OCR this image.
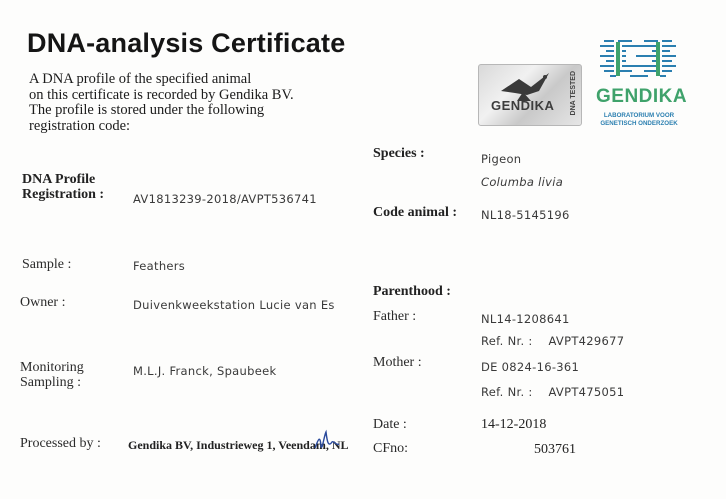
DNA-analysis Certificate
A DNA profile of the specified animal
on this certificate is recorded by Gendika BV.
The profile is stored under the following
registration code:
GENDIKA DNA TESTED GENDIKA
LABORATORIUM VOOR
GENETISCH ONDERZOEK
DNA Profile
Registration :	AV1813239-2018/AVPT536741
Sample :	Feathers
Owner :	Duivenkweekstation Lucie van Es
Monitoring
Sampling :
M.L.J. Franck, Spaubeek
Processed by : Gendika BV, Industrieweg 1, Veendam, NL
Species :	Pigeon
Columba livia
Code animal : NL18-5145196
Parenthood :
Father :	NL14-1208641
Ref. Nr. : AVPT429677
Mother :	DE 0824-16-361
Ref. Nr. : AVPT475051
Date :	14-12-2018
CFno:	503761
